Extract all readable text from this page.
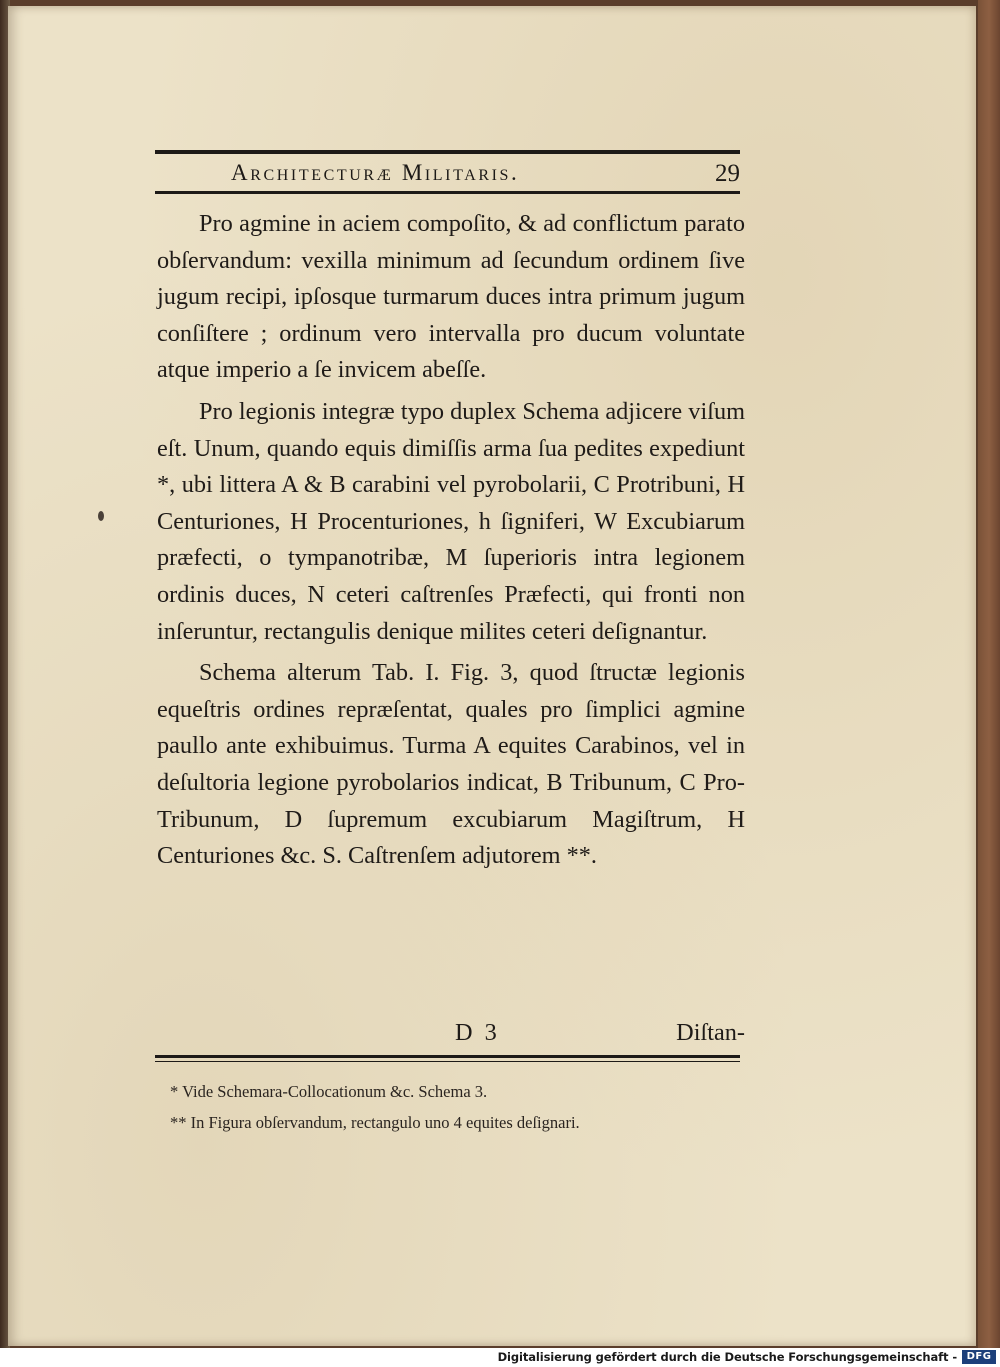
Architecturæ Militaris.	29

Pro agmine in aciem compoſito, & ad conflictum parato obſervandum: vexilla minimum ad ſecundum ordinem ſive jugum recipi, ipſosque turmarum duces intra primum jugum conſiſtere ; ordinum vero intervalla pro ducum voluntate atque imperio a ſe invicem abeſſe.

Pro legionis integræ typo duplex Schema adjicere viſum eſt. Unum, quando equis dimiſſis arma ſua pedites expediunt *, ubi littera A & B carabini vel pyrobolarii, C Protribuni, H Centuriones, H Procenturiones, h ſigniferi, W Excubiarum præfecti, o tympanotribæ, M ſuperioris intra legionem ordinis duces, N ceteri caſtrenſes Præfecti, qui fronti non inſeruntur, rectangulis denique milites ceteri deſignantur.

Schema alterum Tab. I. Fig. 3, quod ſtructæ legionis equeſtris ordines repræſentat, quales pro ſimplici agmine paullo ante exhibuimus. Turma A equites Carabinos, vel in deſultoria legione pyrobolarios indicat, B Tribunum, C Pro-Tribunum, D ſupremum excubiarum Magiſtrum, H Centuriones &c. S. Caſtrenſem adjutorem **.

D 3	Diſtan-
* Vide Schemara-Collocationum &c. Schema 3.
** In Figura obſervandum, rectangulo uno 4 equites deſignari.
Digitalisierung gefördert durch die Deutsche Forschungsgemeinschaft - DFG
